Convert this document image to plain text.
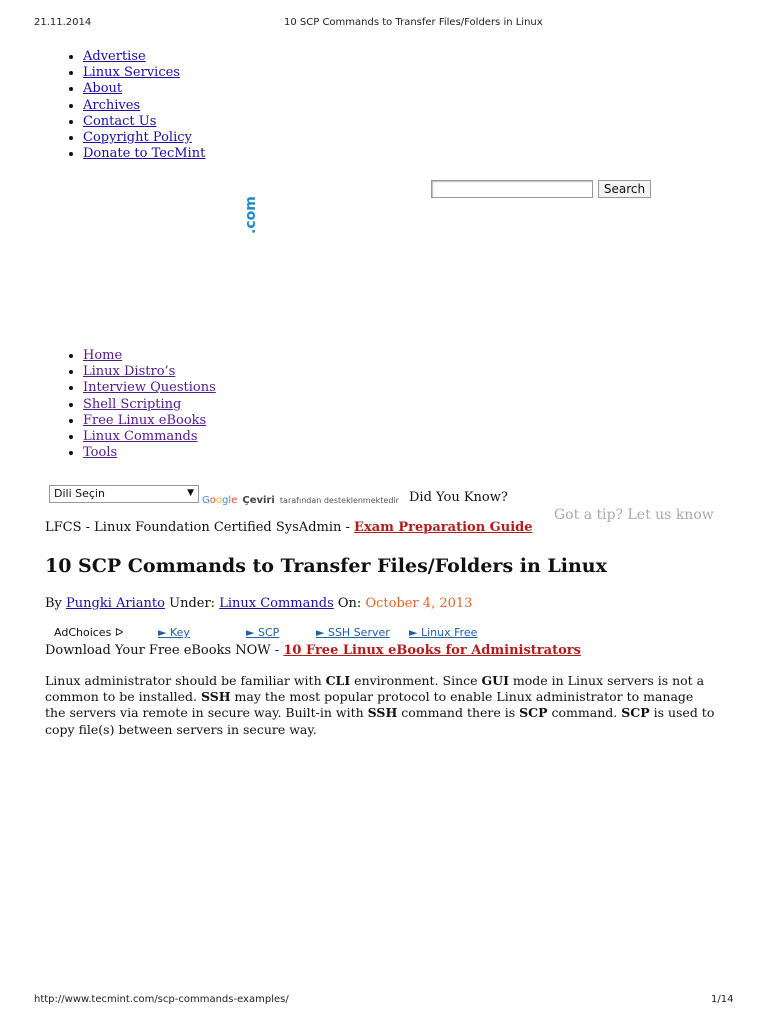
21.11.2014	10 SCP Commands to Transfer Files/Folders in Linux
• Advertise
• Linux Services
• About
• Archives
• Contact Us
• Copyright Policy
• Donate to TecMint
.com
Search
• Home
• Linux Distro’s
• Interview Questions
• Shell Scripting
• Free Linux eBooks
• Linux Commands
• Tools
Dili Seçin	▼
Google Çeviri tarafından desteklenmektedir Did You Know?
Got a tip? Let us know
LFCS - Linux Foundation Certified SysAdmin - Exam Preparation Guide
10 SCP Commands to Transfer Files/Folders in Linux
By Pungki Arianto Under: Linux Commands On: October 4, 2013
AdChoices ᐅ	► Key	► SCP	► SSH Server ► Linux Free
Download Your Free eBooks NOW - 10 Free Linux eBooks for Administrators

Linux administrator should be familiar with CLI environment. Since GUI mode in Linux servers is not a common to be installed. SSH may the most popular protocol to enable Linux administrator to manage the servers via remote in secure way. Built-in with SSH command there is SCP command. SCP is used to copy file(s) between servers in secure way.

http://www.tecmint.com/scp-commands-examples/	1/14
